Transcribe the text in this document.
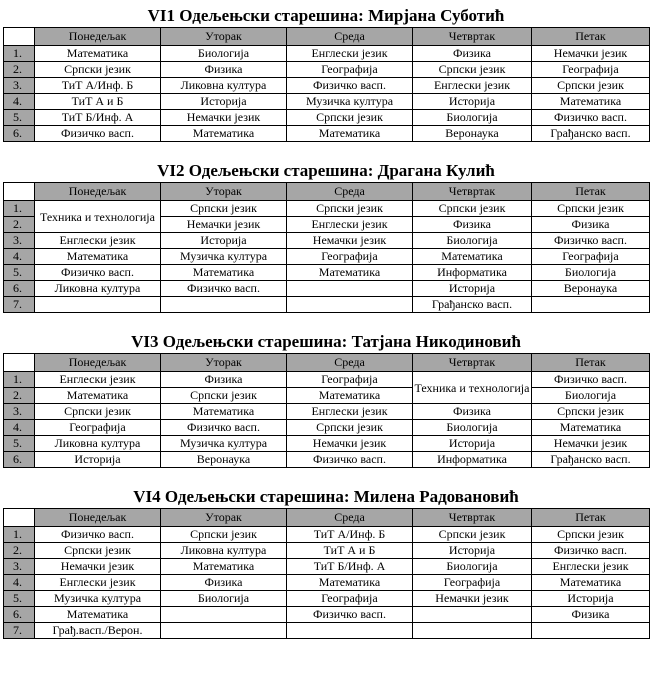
VI1 Одељењски старешина: Мирјана Суботић
	Понедељак	Уторак	Среда	Четвртак	Петак
1.	Математика	Биологија	Енглески језик	Физика	Немачки језик
2.	Српски језик	Физика	Географија	Српски језик	Географија
3.	ТиТ А/Инф. Б	Ликовна култура	Физичко васп.	Енглески језик	Српски језик
4.	ТиТ А и Б	Историја	Музичка култура	Историја	Математика
5.	ТиТ Б/Инф. А	Немачки језик	Српски језик	Биологија	Физичко васп.
6.	Физичко васп.	Математика	Математика	Веронаука	Грађанско васп.
VI2 Одељењски старешина: Драгана Кулић
	Понедељак	Уторак	Среда	Четвртак	Петак
1.	Техника и технологија	Српски језик	Српски језик	Српски језик	Српски језик
2.		Немачки језик	Енглески језик	Физика	Физика
3.	Енглески језик	Историја	Немачки језик	Биологија	Физичко васп.
4.	Математика	Музичка култура	Географија	Математика	Географија
5.	Физичко васп.	Математика	Математика	Информатика	Биологија
6.	Ликовна култура	Физичко васп.		Историја	Веронаука
7.				Грађанско васп.	
VI3 Одељењски старешина: Татјана Никодиновић
	Понедељак	Уторак	Среда	Четвртак	Петак
1.	Енглески језик	Физика	Географија	Техника и технологија	Физичко васп.
2.	Математика	Српски језик	Математика		Биологија
3.	Српски језик	Математика	Енглески језик	Физика	Српски језик
4.	Географија	Физичко васп.	Српски језик	Биологија	Математика
5.	Ликовна култура	Музичка култура	Немачки језик	Историја	Немачки језик
6.	Историја	Веронаука	Физичко васп.	Информатика	Грађанско васп.
VI4 Одељењски старешина: Милена Радовановић
	Понедељак	Уторак	Среда	Четвртак	Петак
1.	Физичко васп.	Српски језик	ТиТ А/Инф. Б	Српски језик	Српски језик
2.	Српски језик	Ликовна култура	ТиТ А и Б	Историја	Физичко васп.
3.	Немачки језик	Математика	ТиТ Б/Инф. А	Биологија	Енглески језик
4.	Енглески језик	Физика	Математика	Географија	Математика
5.	Музичка култура	Биологија	Географија	Немачки језик	Историја
6.	Математика		Физичко васп.		Физика
7.	Грађ.васп./Верон.				
